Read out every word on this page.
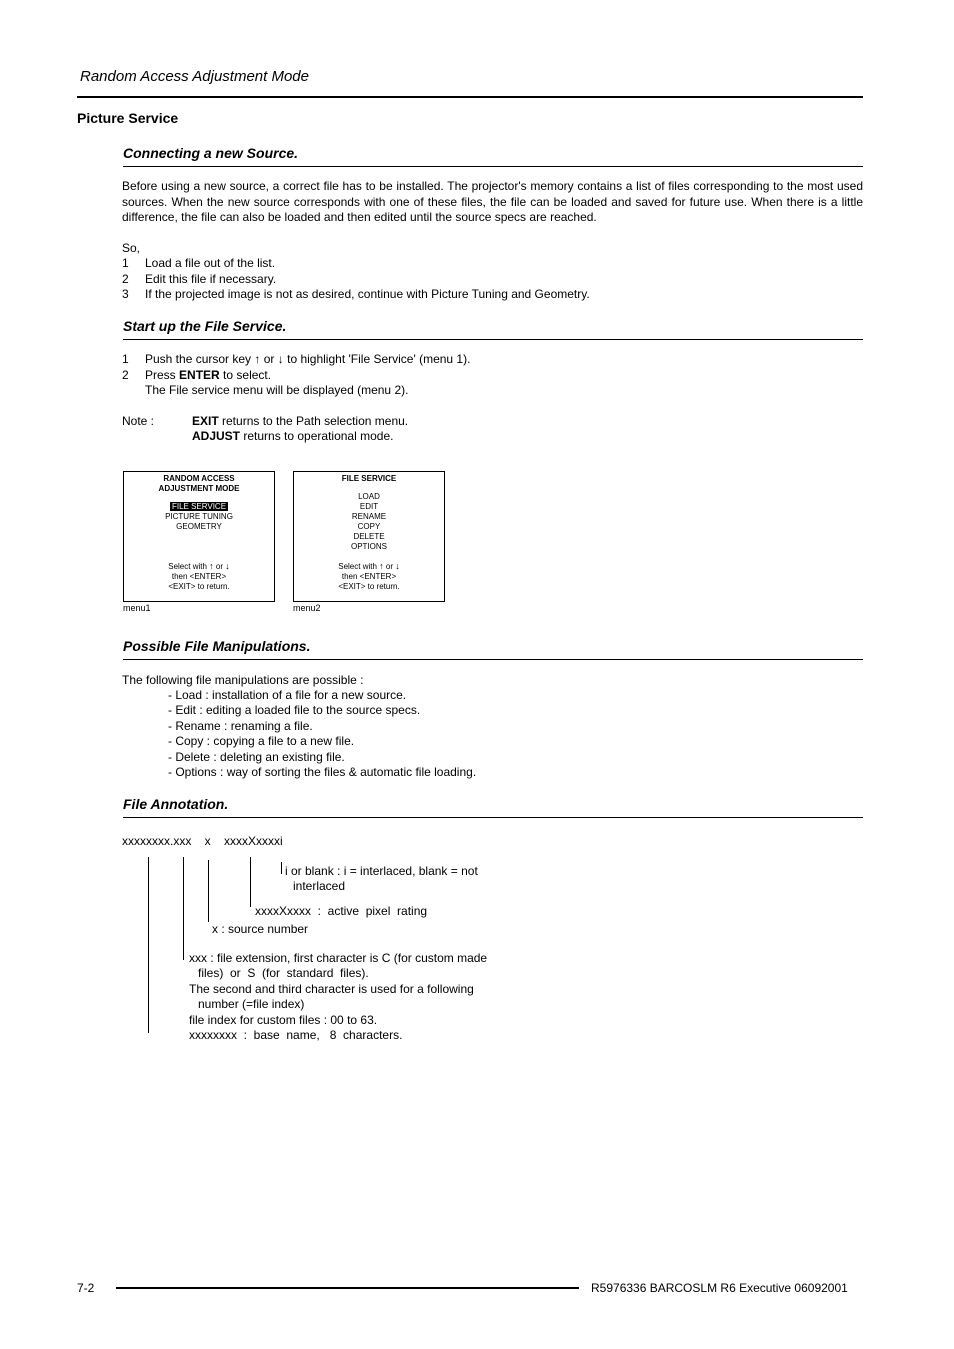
Random Access Adjustment Mode
Picture Service
Connecting a new Source.
Before using a new source, a correct file has to be installed. The projector's memory contains a list of files corresponding to the most used sources. When the new source corresponds with one of these files, the file can be loaded and saved for future use. When there is a little difference, the file can also be loaded and then edited until the source specs are reached.
So,
1 Load a file out of the list.
2 Edit this file if necessary.
3 If the projected image is not as desired, continue with Picture Tuning and Geometry.
Start up the File Service.
1 Push the cursor key ↑ or ↓ to highlight 'File Service' (menu 1).
2 Press ENTER to select.
The File service menu will be displayed (menu 2).
Note :	EXIT returns to the Path selection menu.
ADJUST returns to operational mode.
RANDOM ACCESS
ADJUSTMENT MODE
FILE SERVICE
PICTURE TUNING
GEOMETRY
Select with ↑ or ↓
then <ENTER>
<EXIT> to return.
menu1
FILE SERVICE
LOAD
EDIT
RENAME
COPY
DELETE
OPTIONS
Select with ↑ or ↓
then <ENTER>
<EXIT> to return.
menu2
Possible File Manipulations.
The following file manipulations are possible :
- Load : installation of a file for a new source.
- Edit : editing a loaded file to the source specs.
- Rename : renaming a file.
- Copy : copying a file to a new file.
- Delete : deleting an existing file.
- Options : way of sorting the files & automatic file loading.
File Annotation.
xxxxxxxx.xxx    x    xxxxXxxxxi
i or blank : i = interlaced, blank = not
interlaced
xxxxXxxxx  :  active  pixel  rating
x : source number
xxx : file extension, first character is C (for custom made
files)  or  S  (for  standard  files).
The second and third character is used for a following
number (=file index)
file index for custom files : 00 to 63.
xxxxxxxx  :  base  name,   8  characters.
7-2	R5976336 BARCOSLM R6 Executive 06092001
